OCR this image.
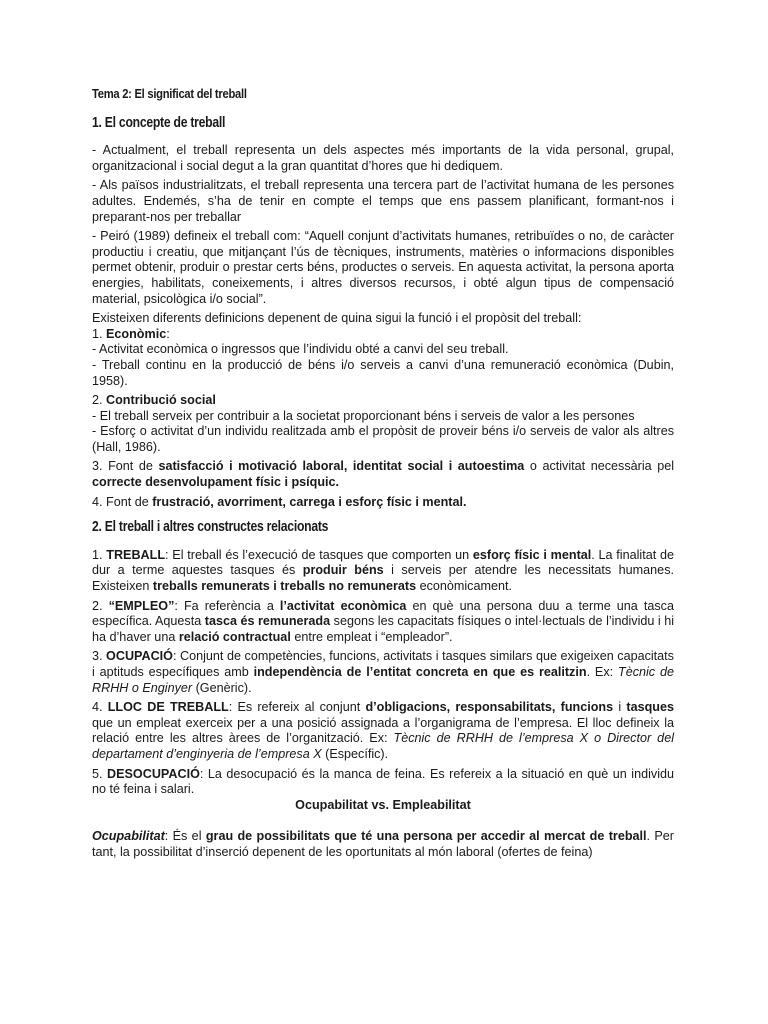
Tema 2: El significat del treball
1. El concepte de treball

- Actualment, el treball representa un dels aspectes més importants de la vida personal, grupal, organitzacional i social degut a la gran quantitat d’hores que hi dediquem.

- Als països industrialitzats, el treball representa una tercera part de l’activitat humana de les persones adultes. Endemés, s’ha de tenir en compte el temps que ens passem planificant, formant-nos i preparant-nos per treballar

- Peiró (1989) defineix el treball com: “Aquell conjunt d’activitats humanes, retribuïdes o no, de caràcter productiu i creatiu, que mitjançant l’ús de tècniques, instruments, matèries o informacions disponibles permet obtenir, produir o prestar certs béns, productes o serveis. En aquesta activitat, la persona aporta energies, habilitats, coneixements, i altres diversos recursos, i obté algun tipus de compensació material, psicològica i/o social”.

Existeixen diferents definicions depenent de quina sigui la funció i el propòsit del treball:

1. Econòmic:
- Activitat econòmica o ingressos que l’individu obté a canvi del seu treball.

- Treball continu en la producció de béns i/o serveis a canvi d’una remuneració econòmica (Dubin, 1958).

2. Contribució social
- El treball serveix per contribuir a la societat proporcionant béns i serveis de valor a les persones

- Esforç o activitat d’un individu realitzada amb el propòsit de proveir béns i/o serveis de valor als altres (Hall, 1986).

3. Font de satisfacció i motivació laboral, identitat social i autoestima o activitat necessària pel correcte desenvolupament físic i psíquic.

4. Font de frustració, avorriment, carrega i esforç físic i mental.

2. El treball i altres constructes relacionats

1. TREBALL: El treball és l’execució de tasques que comporten un esforç físic i mental. La finalitat de dur a terme aquestes tasques és produir béns i serveis per atendre les necessitats humanes. Existeixen treballs remunerats i treballs no remunerats econòmicament.

2. “EMPLEO”: Fa referència a l’activitat econòmica en què una persona duu a terme una tasca específica. Aquesta tasca és remunerada segons les capacitats físiques o intel·lectuals de l’individu i hi ha d’haver una relació contractual entre empleat i “empleador”.

3. OCUPACIÓ: Conjunt de competències, funcions, activitats i tasques similars que exigeixen capacitats i aptituds específiques amb independència de l’entitat concreta en que es realitzin. Ex: Tècnic de RRHH o Enginyer (Genèric).

4. LLOC DE TREBALL: Es refereix al conjunt d’obligacions, responsabilitats, funcions i tasques que un empleat exerceix per a una posició assignada a l’organigrama de l’empresa. El lloc defineix la relació entre les altres àrees de l’organització. Ex: Tècnic de RRHH de l’empresa X o Director del departament d’enginyeria de l’empresa X (Específic).

5. DESOCUPACIÓ: La desocupació és la manca de feina. Es refereix a la situació en què un individu no té feina i salari.
Ocupabilitat vs. Empleabilitat

Ocupabilitat: És el grau de possibilitats que té una persona per accedir al mercat de treball. Per tant, la possibilitat d’inserció depenent de les oportunitats al món laboral (ofertes de feina)
